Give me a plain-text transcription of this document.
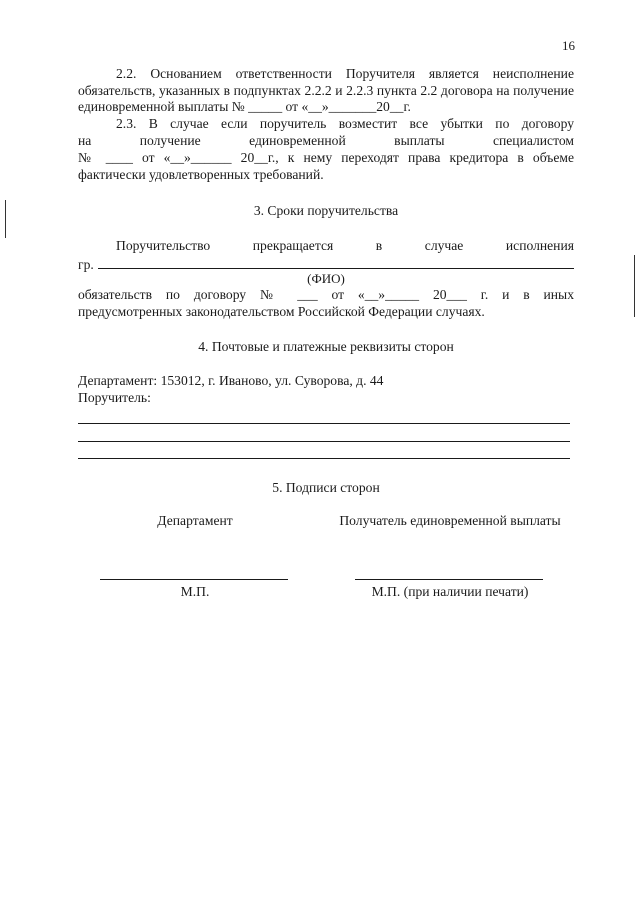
16
2.2. Основанием ответственности Поручителя является неисполнение обязательств, указанных в подпунктах 2.2.2 и 2.2.3 пункта 2.2 договора на получение единовременной выплаты № _____ от «__»_______20__г.
2.3. В случае если поручитель возместит все убытки по договору
на получение единовременной выплаты специалистом
№ ____ от «__»______ 20__г., к нему переходят права кредитора в объеме фактически удовлетворенных требований.
3. Сроки поручительства
Поручительство прекращается в случае исполнения
гр.
(ФИО)
обязательств по договору № ___ от «__»_____ 20___ г. и в иных
предусмотренных законодательством Российской Федерации случаях.
4. Почтовые и платежные реквизиты сторон
Департамент: 153012, г. Иваново, ул. Суворова, д. 44
Поручитель:
5. Подписи сторон
Департамент	Получатель единовременной выплаты
М.П.	М.П. (при наличии печати)
